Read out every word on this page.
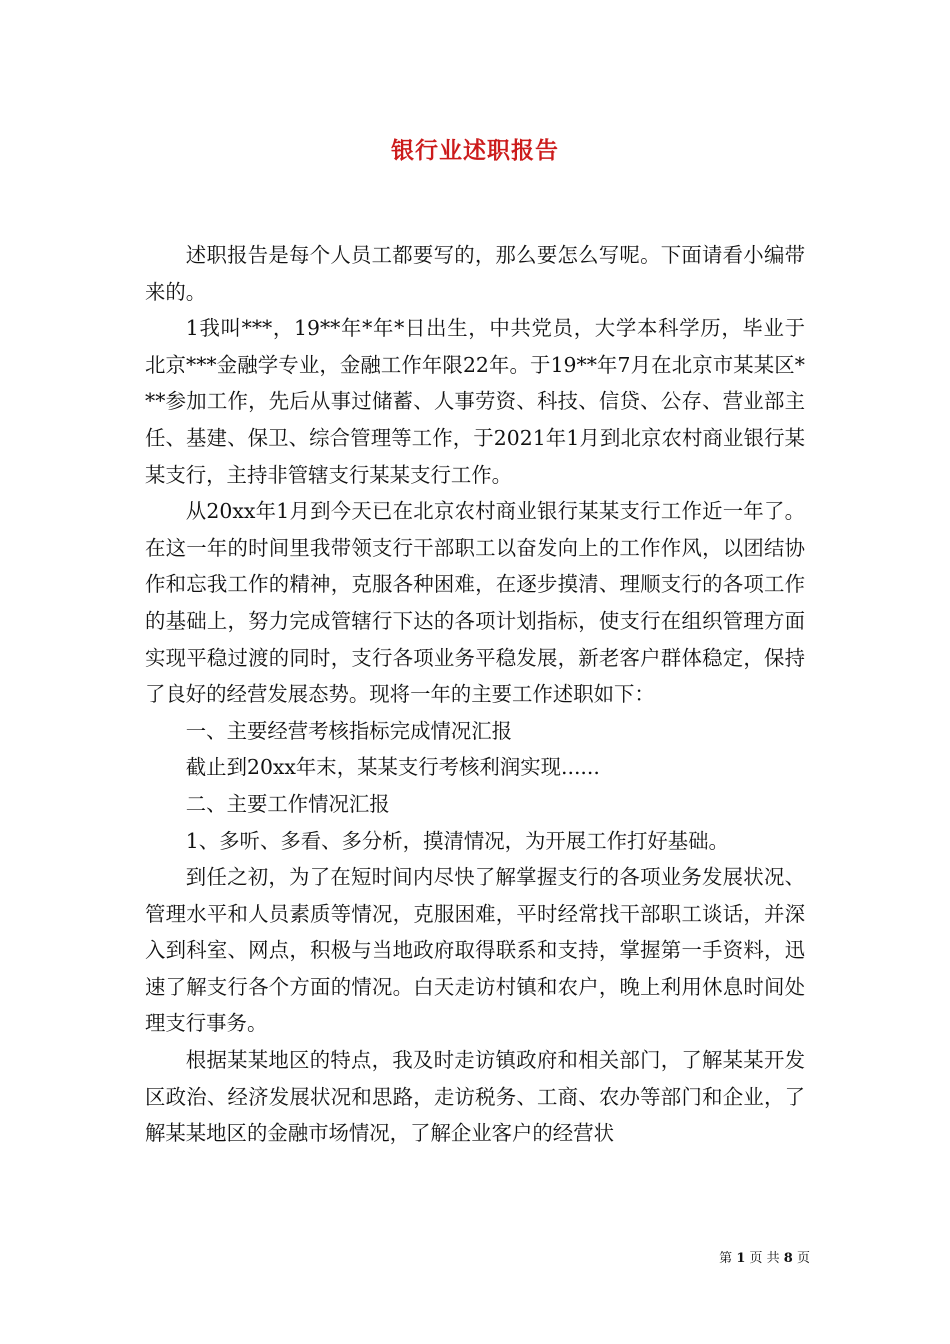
银行业述职报告

述职报告是每个人员工都要写的，那么要怎么写呢。下面请看小编带来的。

1我叫***，19**年*年*日出生，中共党员，大学本科学历，毕业于北京***金融学专业，金融工作年限22年。于19**年7月在北京市某某区***参加工作，先后从事过储蓄、人事劳资、科技、信贷、公存、营业部主任、基建、保卫、综合管理等工作，于2021年1月到北京农村商业银行某某支行，主持非管辖支行某某支行工作。

从20xx年1月到今天已在北京农村商业银行某某支行工作近一年了。在这一年的时间里我带领支行干部职工以奋发向上的工作作风，以团结协作和忘我工作的精神，克服各种困难，在逐步摸清、理顺支行的各项工作的基础上，努力完成管辖行下达的各项计划指标，使支行在组织管理方面实现平稳过渡的同时，支行各项业务平稳发展，新老客户群体稳定，保持了良好的经营发展态势。现将一年的主要工作述职如下：

一、主要经营考核指标完成情况汇报

截止到20xx年末，某某支行考核利润实现......

二、主要工作情况汇报

1、多听、多看、多分析，摸清情况，为开展工作打好基础。

到任之初，为了在短时间内尽快了解掌握支行的各项业务发展状况、管理水平和人员素质等情况，克服困难，平时经常找干部职工谈话，并深入到科室、网点，积极与当地政府取得联系和支持，掌握第一手资料，迅速了解支行各个方面的情况。白天走访村镇和农户，晚上利用休息时间处理支行事务。

根据某某地区的特点，我及时走访镇政府和相关部门，了解某某开发区政治、经济发展状况和思路，走访税务、工商、农办等部门和企业，了解某某地区的金融市场情况，了解企业客户的经营状

第 1 页 共 8 页
